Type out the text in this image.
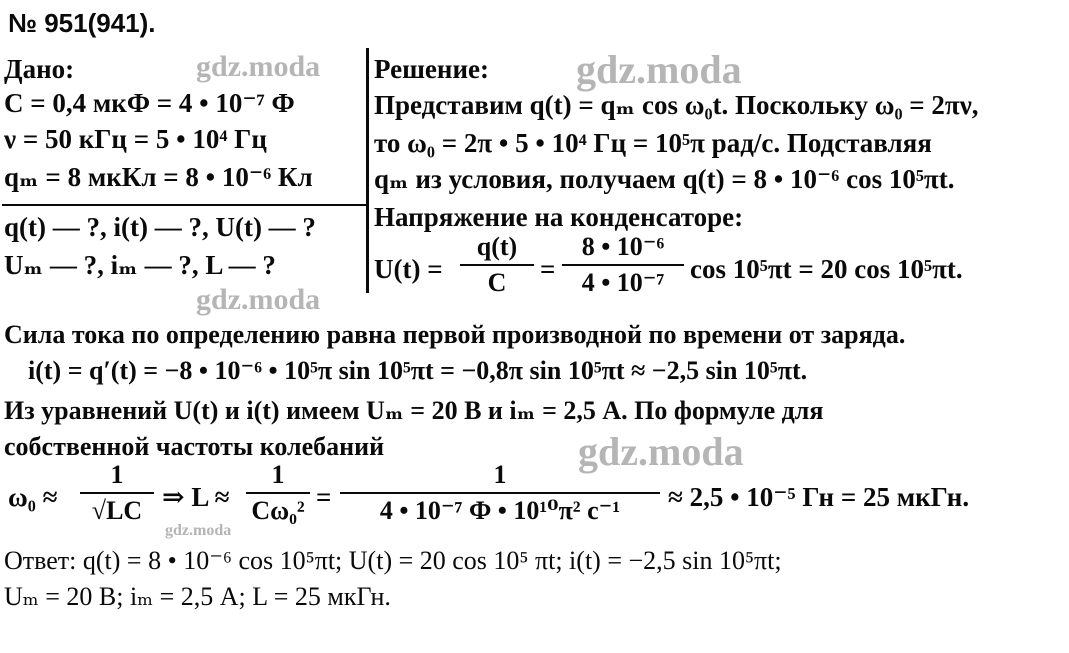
gdz.moda	gdz.moda
gdz.moda
gdz.moda
gdz.moda
№ 951(941).
Дано:
C = 0,4 мкФ = 4 • 10⁻⁷ Ф
ν = 50 кГц = 5 • 10⁴ Гц
qₘ = 8 мкКл = 8 • 10⁻⁶ Кл
q(t) — ?, i(t) — ?, U(t) — ?
Uₘ — ?, iₘ — ?, L — ?
Решение:
Представим q(t) = qₘ cos ω₀t. Поскольку ω₀ = 2πν,
то ω₀ = 2π • 5 • 10⁴ Гц = 10⁵π рад/с. Подставляя
qₘ из условия, получаем q(t) = 8 • 10⁻⁶ cos 10⁵πt.
Напряжение на конденсаторе:
U(t) =
q(t)
C	=
8 • 10⁻⁶
4 • 10⁻⁷ cos 10⁵πt = 20 cos 10⁵πt.
Сила тока по определению равна первой производной по времени от заряда.
i(t) = q′(t) = −8 • 10⁻⁶ • 10⁵π sin 10⁵πt = −0,8π sin 10⁵πt ≈ −2,5 sin 10⁵πt.
Из уравнений U(t) и i(t) имеем Uₘ = 20 В и iₘ = 2,5 А. По формуле для
собственной частоты колебаний
ω₀ ≈
1
√LC ⇒ L ≈
1
Cω₀² =
1
4 • 10⁻⁷ Ф • 10¹⁰π² с⁻¹	≈ 2,5 • 10⁻⁵ Гн = 25 мкГн.
Ответ: q(t) = 8 • 10⁻⁶ cos 10⁵πt; U(t) = 20 cos 10⁵ πt; i(t) = −2,5 sin 10⁵πt;
Uₘ = 20 В; iₘ = 2,5 А; L = 25 мкГн.
